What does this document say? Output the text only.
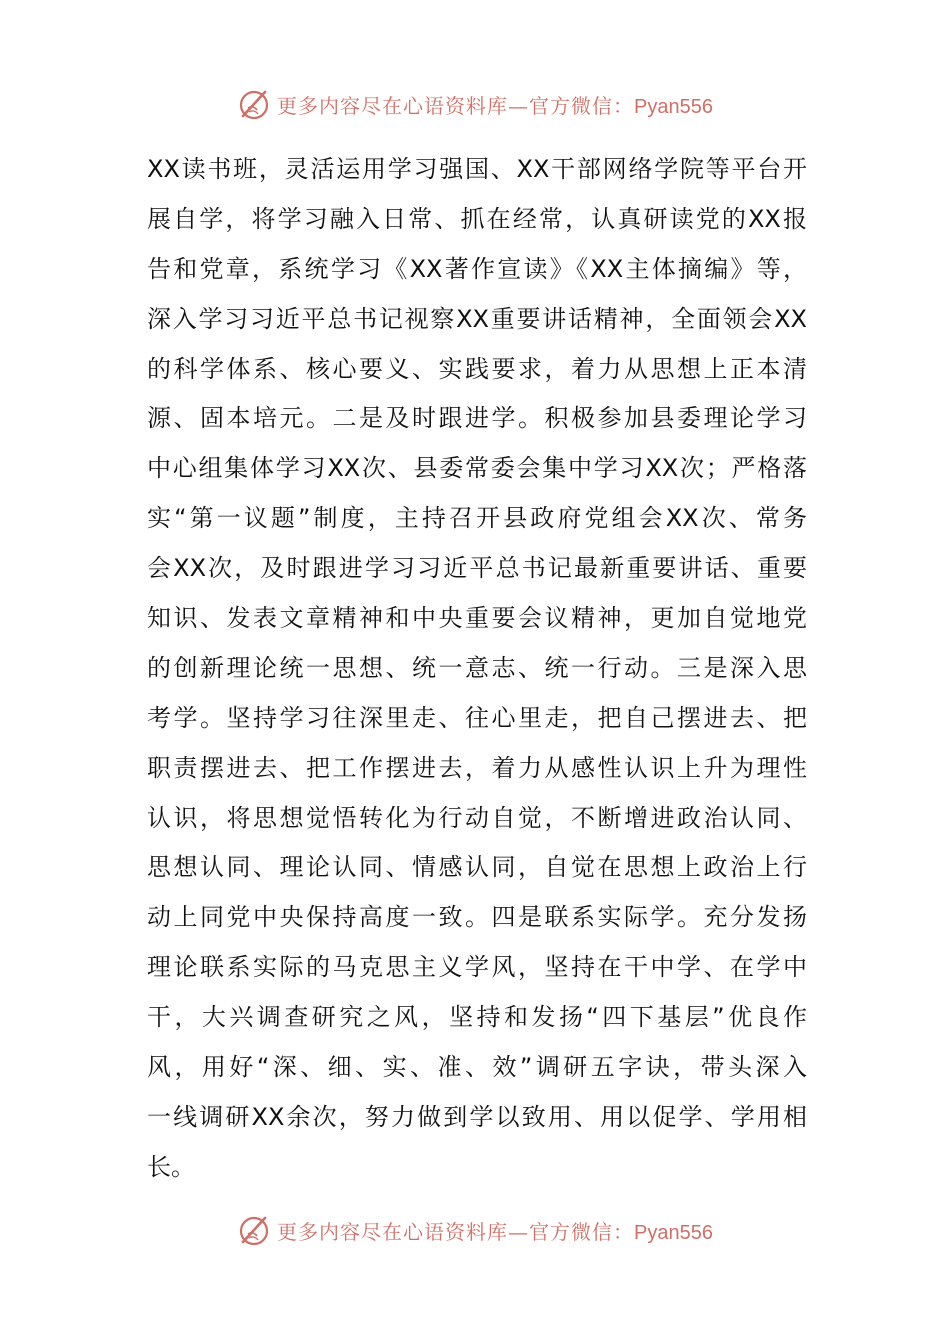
更多内容尽在心语资料库—官方微信：Pyan556
XX读书班，灵活运用学习强国、XX干部网络学院等平台开
展自学，将学习融入日常、抓在经常，认真研读党的XX报
告和党章，系统学习《XX著作宣读》《XX主体摘编》等，
深入学习习近平总书记视察XX重要讲话精神，全面领会XX
的科学体系、核心要义、实践要求，着力从思想上正本清
源、固本培元。二是及时跟进学。积极参加县委理论学习
中心组集体学习XX次、县委常委会集中学习XX次；严格落
实“第一议题”制度，主持召开县政府党组会XX次、常务
会XX次，及时跟进学习习近平总书记最新重要讲话、重要
知识、发表文章精神和中央重要会议精神，更加自觉地党
的创新理论统一思想、统一意志、统一行动。三是深入思
考学。坚持学习往深里走、往心里走，把自己摆进去、把
职责摆进去、把工作摆进去，着力从感性认识上升为理性
认识，将思想觉悟转化为行动自觉，不断增进政治认同、
思想认同、理论认同、情感认同，自觉在思想上政治上行
动上同党中央保持高度一致。四是联系实际学。充分发扬
理论联系实际的马克思主义学风，坚持在干中学、在学中
干，大兴调查研究之风，坚持和发扬“四下基层”优良作
风，用好“深、细、实、准、效”调研五字诀，带头深入
一线调研XX余次，努力做到学以致用、用以促学、学用相
长。
更多内容尽在心语资料库—官方微信：Pyan556
